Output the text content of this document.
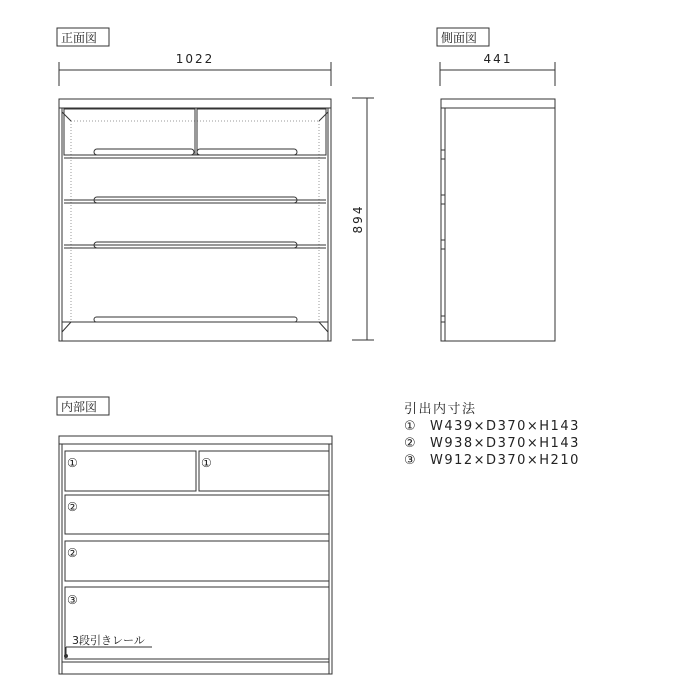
正面図	側面図
内部図
1022	441
894
①	①
②
②
③
3段引きレール
引出内寸法
① W439×D370×H143
② W938×D370×H143
③ W912×D370×H210
